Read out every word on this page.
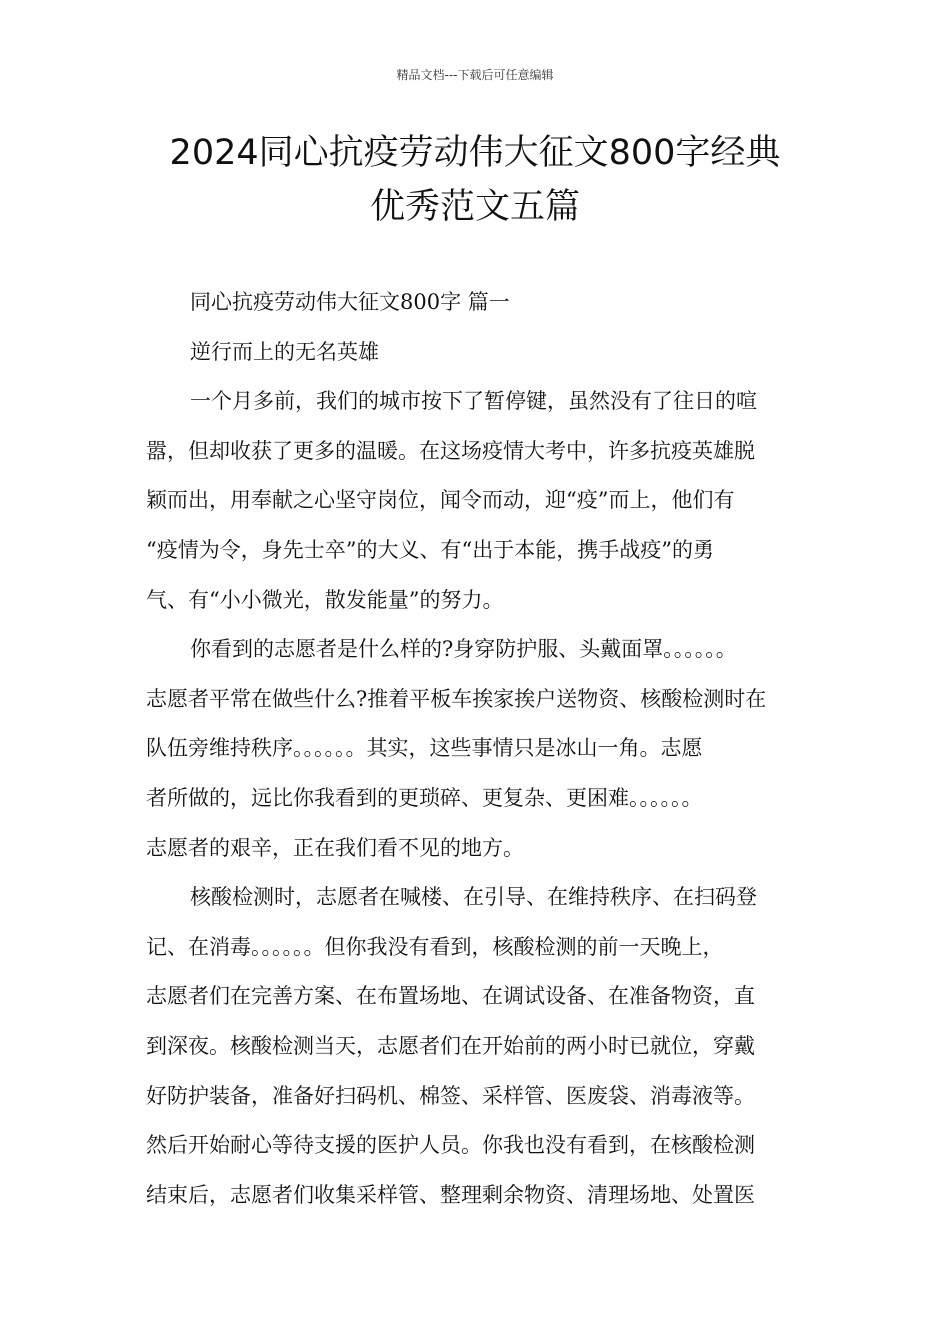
精品文档---下载后可任意编辑
2024同心抗疫劳动伟大征文800字经典
优秀范文五篇
同心抗疫劳动伟大征文800字 篇一
逆行而上的无名英雄
一个月多前，我们的城市按下了暂停键，虽然没有了往日的喧
嚣，但却收获了更多的温暖。在这场疫情大考中，许多抗疫英雄脱
颖而出，用奉献之心坚守岗位，闻令而动，迎“疫”而上，他们有
“疫情为令，身先士卒”的大义、有“出于本能，携手战疫”的勇
气、有“小小微光，散发能量”的努力。
你看到的志愿者是什么样的?身穿防护服、头戴面罩。。。。。。
志愿者平常在做些什么?推着平板车挨家挨户送物资、核酸检测时在
队伍旁维持秩序。。。。。。其实，这些事情只是冰山一角。志愿
者所做的，远比你我看到的更琐碎、更复杂、更困难。。。。。。
志愿者的艰辛，正在我们看不见的地方。
核酸检测时，志愿者在喊楼、在引导、在维持秩序、在扫码登
记、在消毒。。。。。。但你我没有看到，核酸检测的前一天晚上，
志愿者们在完善方案、在布置场地、在调试设备、在准备物资，直
到深夜。核酸检测当天，志愿者们在开始前的两小时已就位，穿戴
好防护装备，准备好扫码机、棉签、采样管、医废袋、消毒液等。
然后开始耐心等待支援的医护人员。你我也没有看到，在核酸检测
结束后，志愿者们收集采样管、整理剩余物资、清理场地、处置医
